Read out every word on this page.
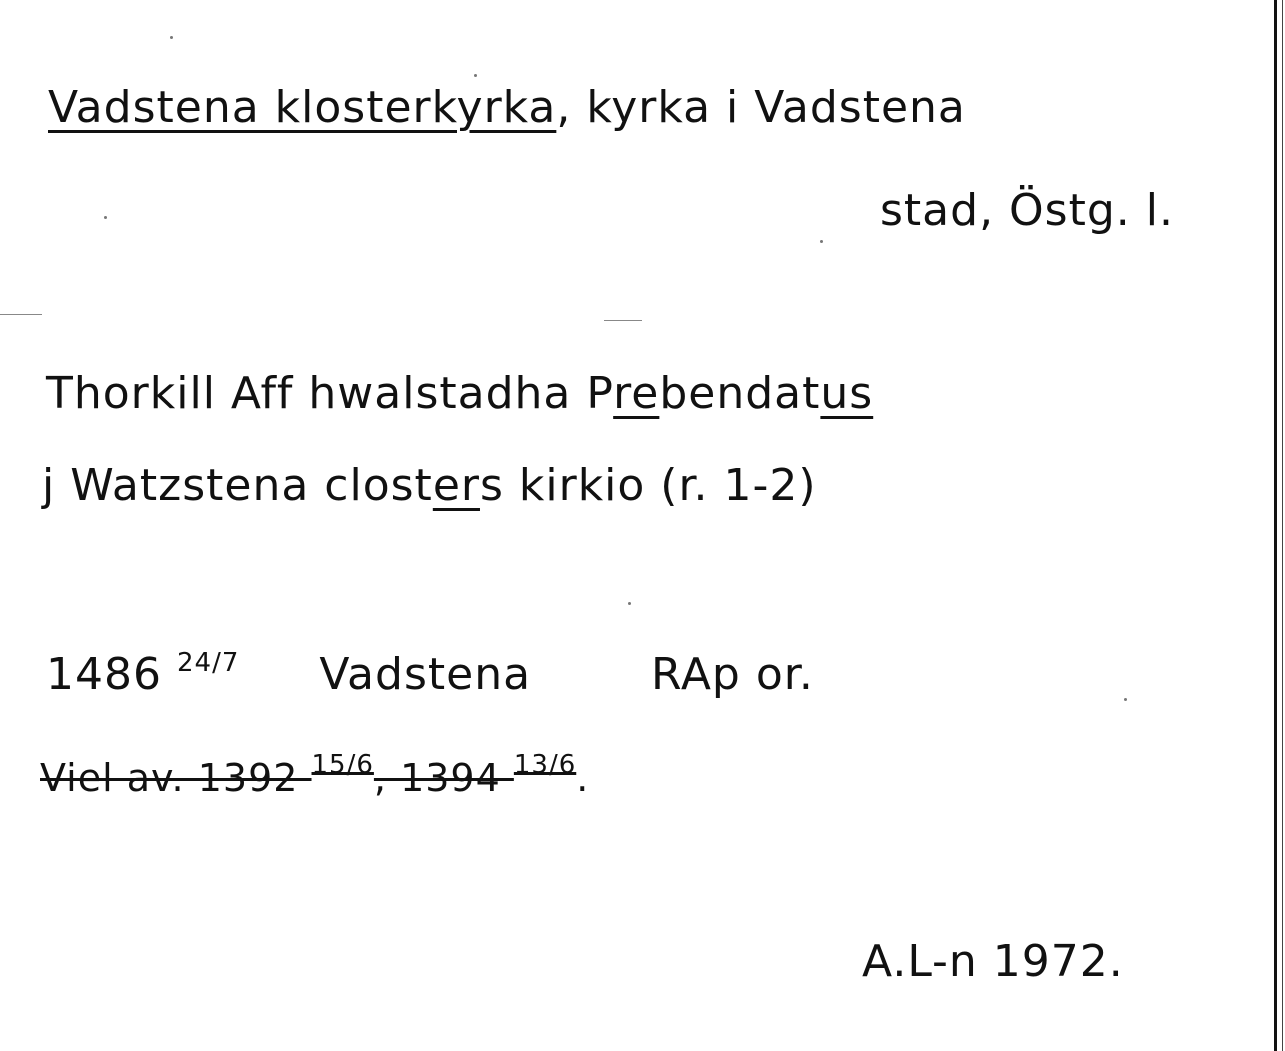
Vadstena klosterkyrka, kyrka i Vadstena
stad, Östg. l.
Thorkill Aff hwalstadha Prebendatus
j Watzstena closters kirkio (r. 1-2)
1486 $^{24/7}$ Vadstena	RAp or.
Viel av. 1392 $^{15/6}$, 1394 $^{13/6}$.
A.L-n 1972.
